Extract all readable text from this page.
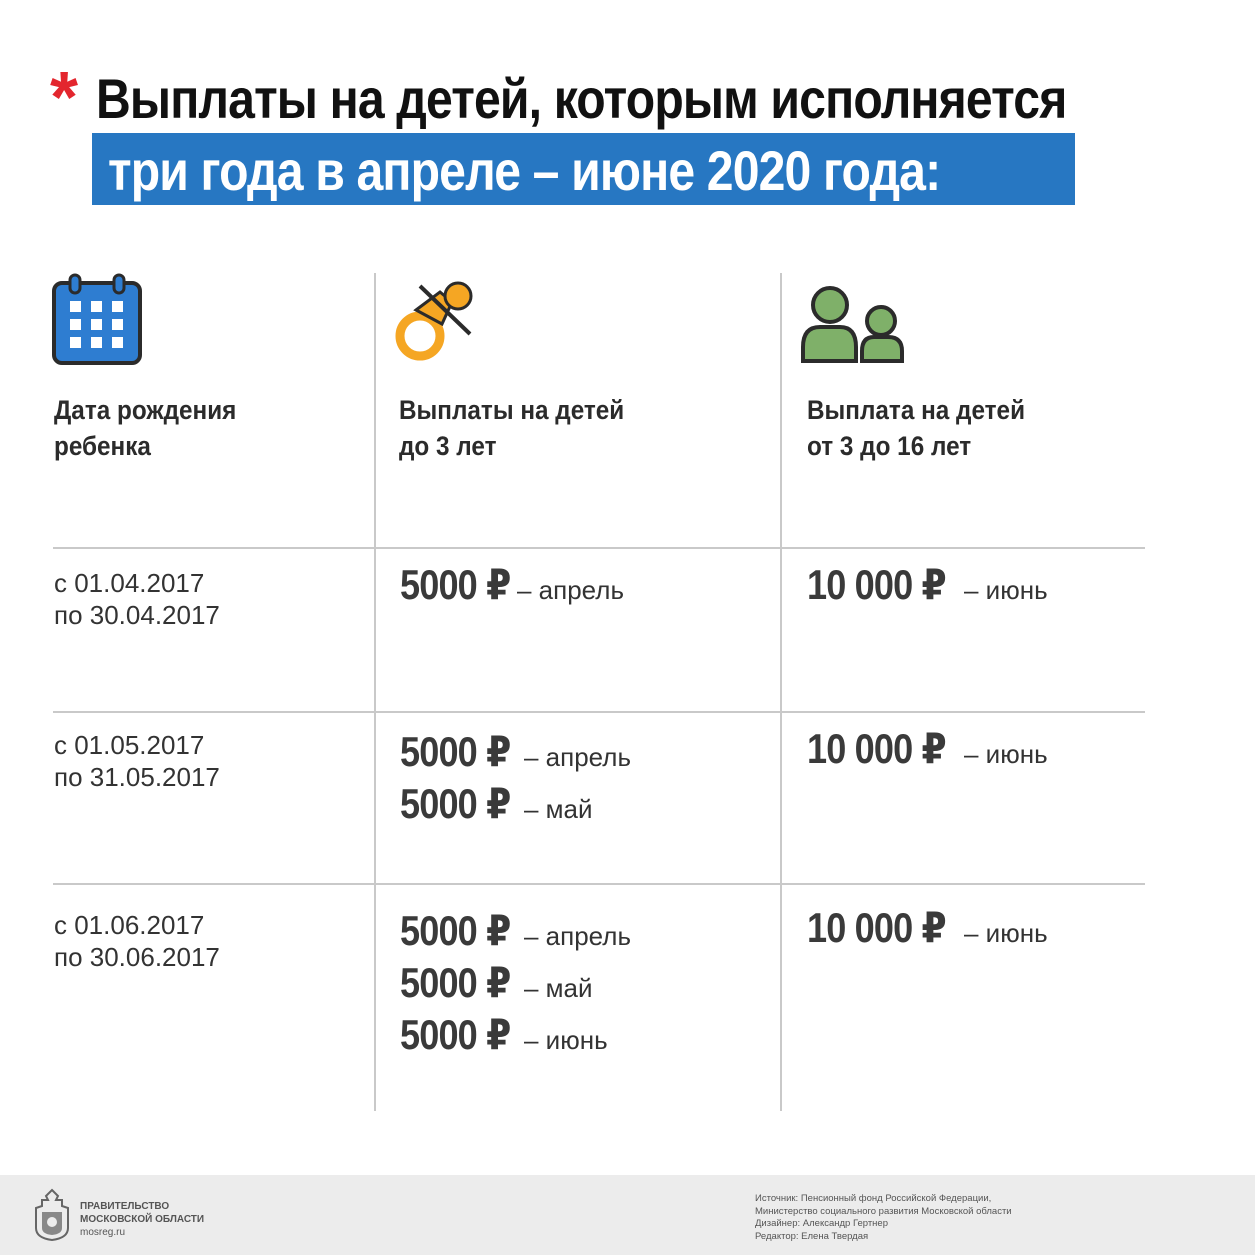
* Выплаты на детей, которым исполняется
три года в апреле – июне 2020 года:
Дата рождения
ребенка
Выплаты на детей
до 3 лет
Выплата на детей
от 3 до 16 лет
с 01.04.2017
по 30.04.2017
5000 ₽ – апрель	10 000 ₽ – июнь
с 01.05.2017
по 31.05.2017
5000 ₽ – апрель
5000 ₽ – май
10 000 ₽ – июнь
с 01.06.2017
по 30.06.2017
5000 ₽ – апрель
5000 ₽ – май
5000 ₽ – июнь
10 000 ₽ – июнь
ПРАВИТЕЛЬСТВО
МОСКОВСКОЙ ОБЛАСТИ
mosreg.ru
Источник: Пенсионный фонд Российской Федерации,
Министерство социального развития Московской области
Дизайнер: Александр Гертнер
Редактор: Елена Твердая
